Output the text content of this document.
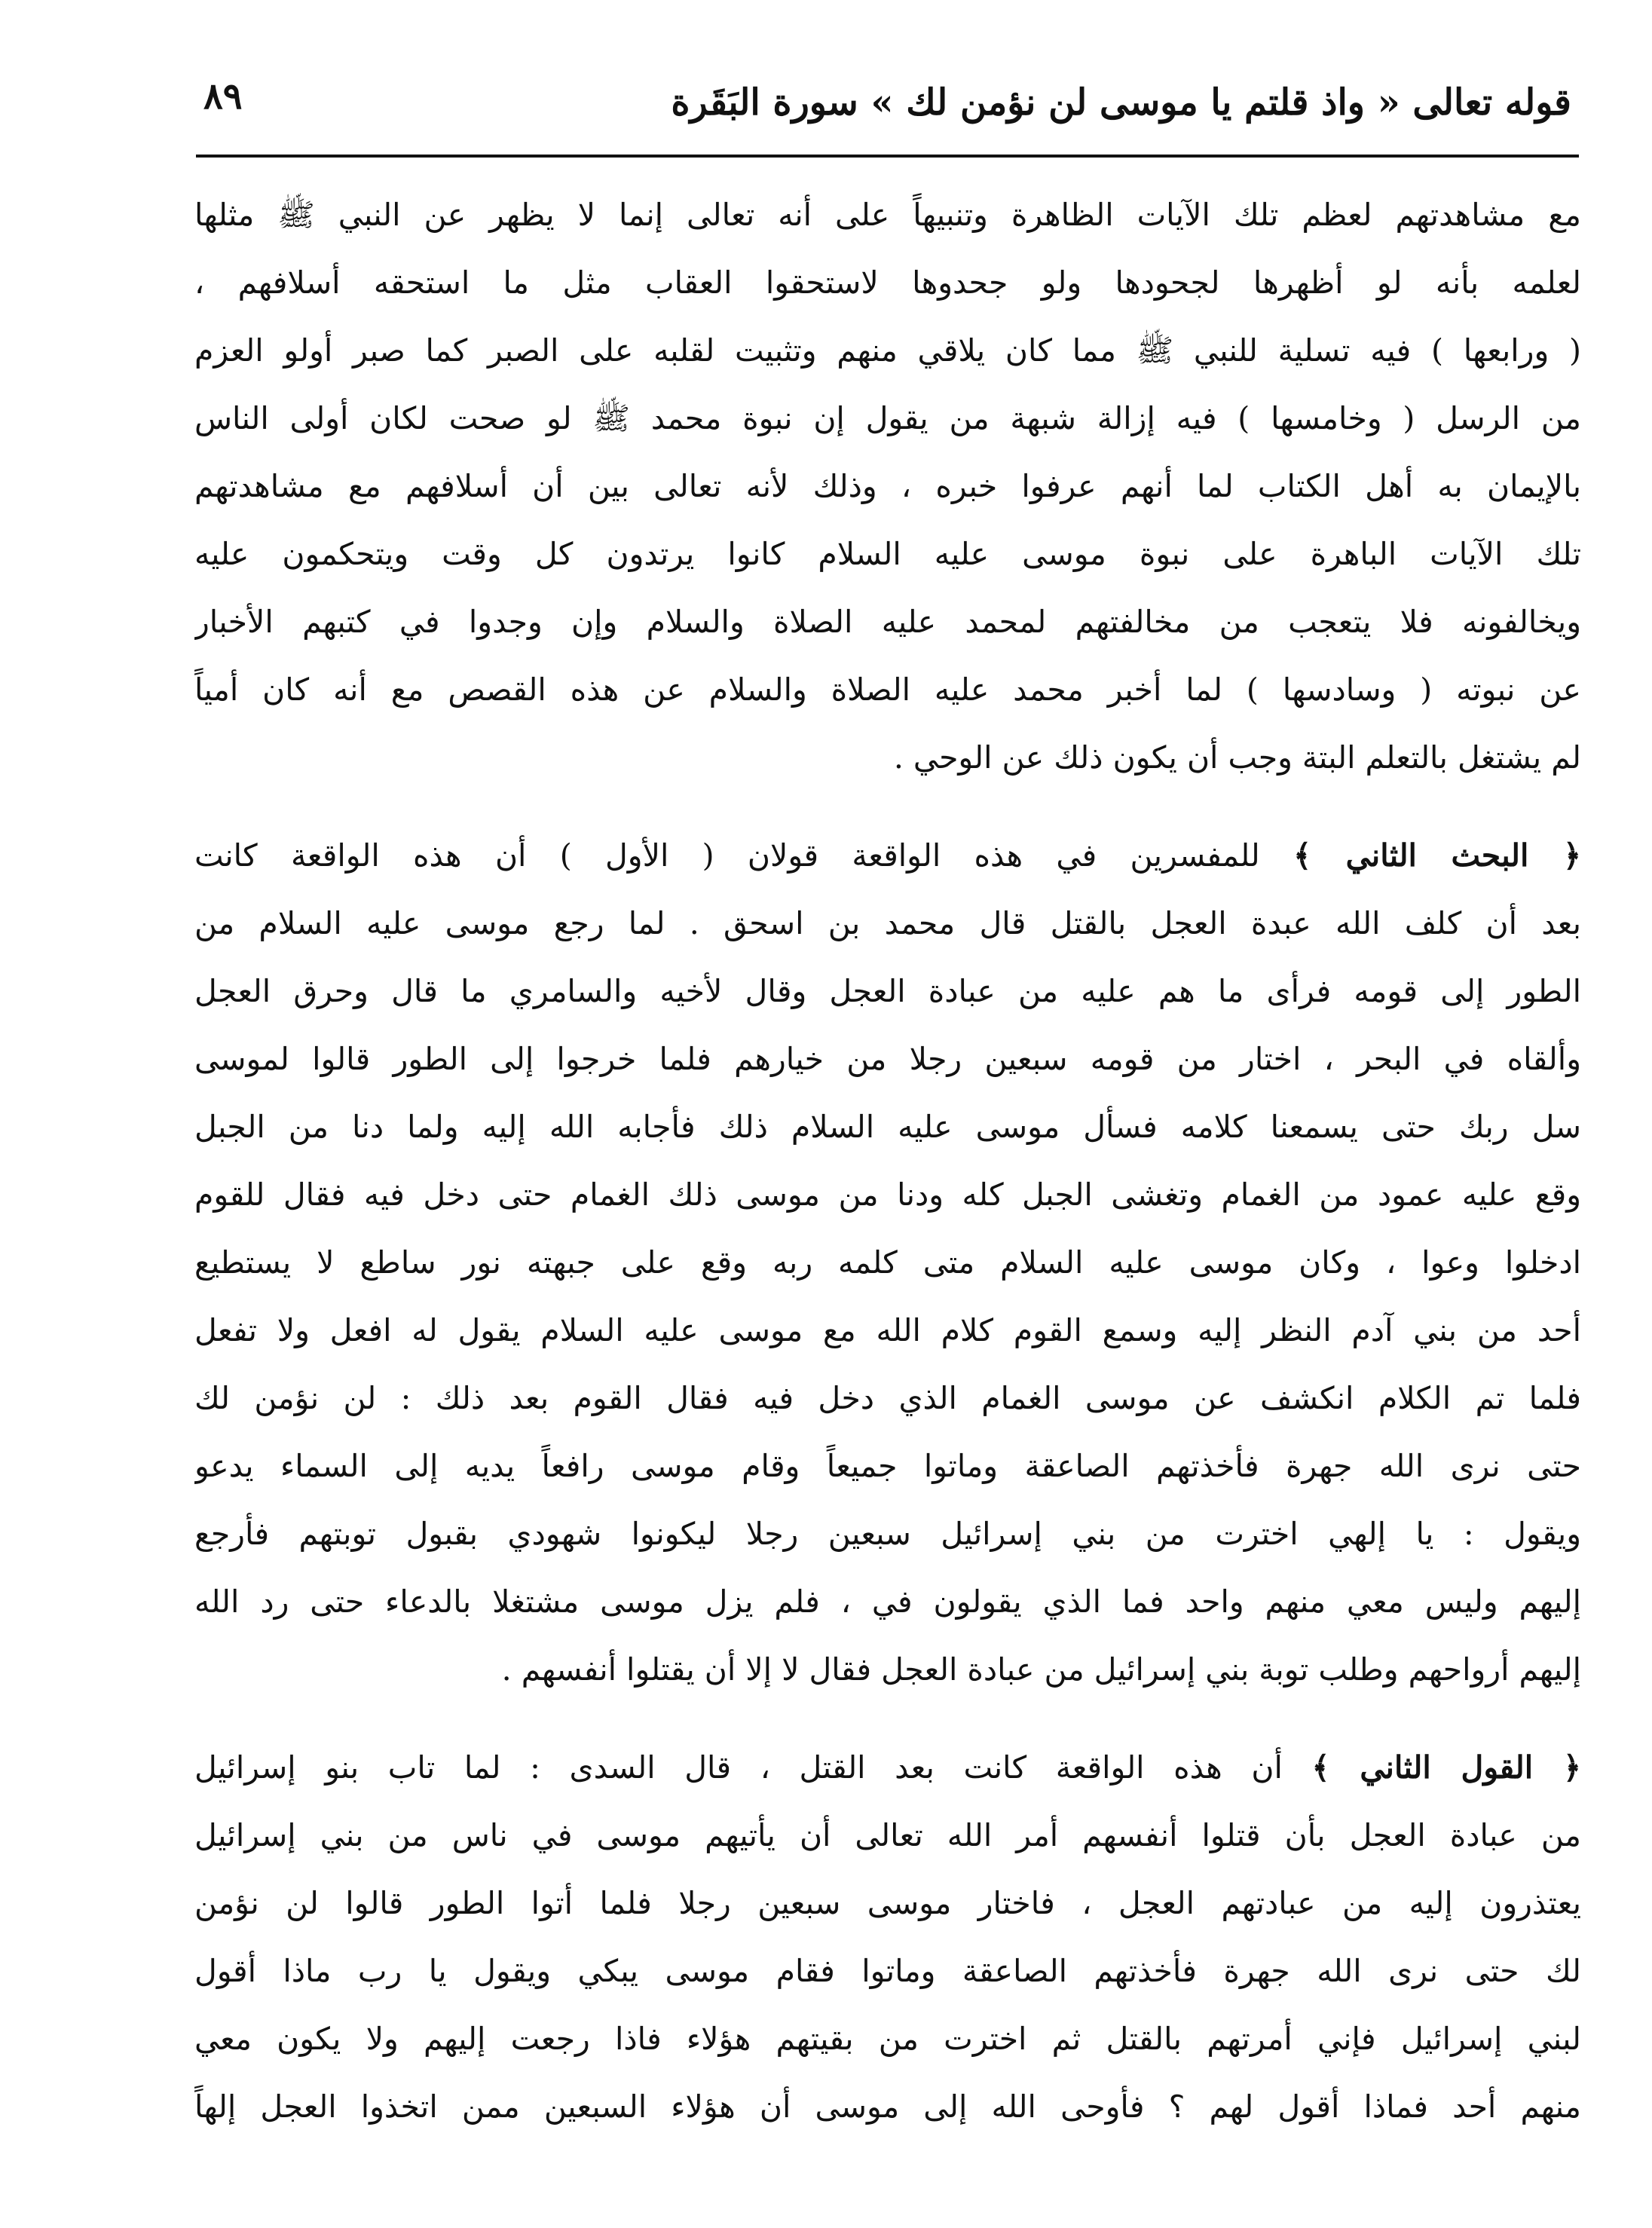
٨٩	قوله تعالى « واذ قلتم يا موسى لن نؤمن لك » سورة البَقَرة
مع مشاهدتهم لعظم تلك الآيات الظاهرة وتنبيهاً على أنه تعالى إنما لا يظهر عن النبي ﷺ مثلها
لعلمه بأنه لو أظهرها لجحودها ولو جحدوها لاستحقوا العقاب مثل ما استحقه أسلافهم ،
( ورابعها ) فيه تسلية للنبي ﷺ مما كان يلاقي منهم وتثبيت لقلبه على الصبر كما صبر أولو العزم
من الرسل ( وخامسها ) فيه إزالة شبهة من يقول إن نبوة محمد ﷺ لو صحت لكان أولى الناس
بالإيمان به أهل الكتاب لما أنهم عرفوا خبره ، وذلك لأنه تعالى بين أن أسلافهم مع مشاهدتهم
تلك الآيات الباهرة على نبوة موسى عليه السلام كانوا يرتدون كل وقت ويتحكمون عليه
ويخالفونه فلا يتعجب من مخالفتهم لمحمد عليه الصلاة والسلام وإن وجدوا في كتبهم الأخبار
عن نبوته ( وسادسها ) لما أخبر محمد عليه الصلاة والسلام عن هذه القصص مع أنه كان أمياً
لم يشتغل بالتعلم البتة وجب أن يكون ذلك عن الوحي .
﴿ البحث الثاني ﴾ للمفسرين في هذه الواقعة قولان ( الأول ) أن هذه الواقعة كانت
بعد أن كلف الله عبدة العجل بالقتل قال محمد بن اسحق . لما رجع موسى عليه السلام من
الطور إلى قومه فرأى ما هم عليه من عبادة العجل وقال لأخيه والسامري ما قال وحرق العجل
وألقاه في البحر ، اختار من قومه سبعين رجلا من خيارهم فلما خرجوا إلى الطور قالوا لموسى
سل ربك حتى يسمعنا كلامه فسأل موسى عليه السلام ذلك فأجابه الله إليه ولما دنا من الجبل
وقع عليه عمود من الغمام وتغشى الجبل كله ودنا من موسى ذلك الغمام حتى دخل فيه فقال للقوم
ادخلوا وعوا ، وكان موسى عليه السلام متى كلمه ربه وقع على جبهته نور ساطع لا يستطيع
أحد من بني آدم النظر إليه وسمع القوم كلام الله مع موسى عليه السلام يقول له افعل ولا تفعل
فلما تم الكلام انكشف عن موسى الغمام الذي دخل فيه فقال القوم بعد ذلك : لن نؤمن لك
حتى نرى الله جهرة فأخذتهم الصاعقة وماتوا جميعاً وقام موسى رافعاً يديه إلى السماء يدعو
ويقول : يا إلهي اخترت من بني إسرائيل سبعين رجلا ليكونوا شهودي بقبول توبتهم فأرجع
إليهم وليس معي منهم واحد فما الذي يقولون في ، فلم يزل موسى مشتغلا بالدعاء حتى رد الله
إليهم أرواحهم وطلب توبة بني إسرائيل من عبادة العجل فقال لا إلا أن يقتلوا أنفسهم .
﴿ القول الثاني ﴾ أن هذه الواقعة كانت بعد القتل ، قال السدى : لما تاب بنو إسرائيل
من عبادة العجل بأن قتلوا أنفسهم أمر الله تعالى أن يأتيهم موسى في ناس من بني إسرائيل
يعتذرون إليه من عبادتهم العجل ، فاختار موسى سبعين رجلا فلما أتوا الطور قالوا لن نؤمن
لك حتى نرى الله جهرة فأخذتهم الصاعقة وماتوا فقام موسى يبكي ويقول يا رب ماذا أقول
لبني إسرائيل فإني أمرتهم بالقتل ثم اخترت من بقيتهم هؤلاء فاذا رجعت إليهم ولا يكون معي
منهم أحد فماذا أقول لهم ؟ فأوحى الله إلى موسى أن هؤلاء السبعين ممن اتخذوا العجل إلهاً
